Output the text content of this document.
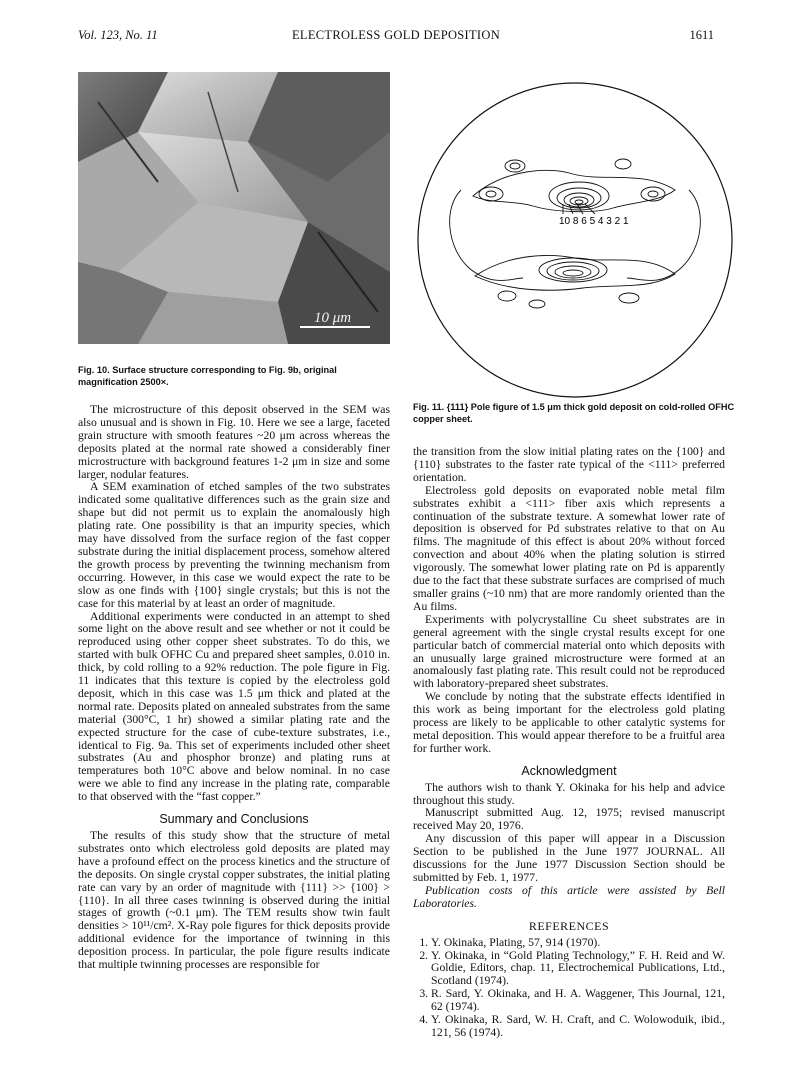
Vol. 123, No. 11	ELECTROLESS GOLD DEPOSITION	1611
10 μm
Fig. 10. Surface structure corresponding to Fig. 9b, original magnification 2500×.
10 8 6 5 4 3 2 1
Fig. 11. {111} Pole figure of 1.5 μm thick gold deposit on cold-rolled OFHC copper sheet.

The microstructure of this deposit observed in the SEM was also unusual and is shown in Fig. 10. Here we see a large, faceted grain structure with smooth features ~20 μm across whereas the deposits plated at the normal rate showed a considerably finer microstructure with background features 1-2 μm in size and some larger, nodular features.

A SEM examination of etched samples of the two substrates indicated some qualitative differences such as the grain size and shape but did not permit us to explain the anomalously high plating rate. One possibility is that an impurity species, which may have dissolved from the surface region of the fast copper substrate during the initial displacement process, somehow altered the growth process by preventing the twinning mechanism from occurring. However, in this case we would expect the rate to be slow as one finds with {100} single crystals; but this is not the case for this material by at least an order of magnitude.

Additional experiments were conducted in an attempt to shed some light on the above result and see whether or not it could be reproduced using other copper sheet substrates. To do this, we started with bulk OFHC Cu and prepared sheet samples, 0.010 in. thick, by cold rolling to a 92% reduction. The pole figure in Fig. 11 indicates that this texture is copied by the electroless gold deposit, which in this case was 1.5 μm thick and plated at the normal rate. Deposits plated on annealed substrates from the same material (300°C, 1 hr) showed a similar plating rate and the expected structure for the case of cube-texture substrates, i.e., identical to Fig. 9a. This set of experiments included other sheet substrates (Au and phosphor bronze) and plating runs at temperatures both 10°C above and below nominal. In no case were we able to find any increase in the plating rate, comparable to that observed with the “fast copper.”

Summary and Conclusions

The results of this study show that the structure of metal substrates onto which electroless gold deposits are plated may have a profound effect on the process kinetics and the structure of the deposits. On single crystal copper substrates, the initial plating rate can vary by an order of magnitude with {111} >> {100} > {110}. In all three cases twinning is observed during the initial stages of growth (~0.1 μm). The TEM results show twin fault densities > 10¹¹/cm². X-Ray pole figures for thick deposits provide additional evidence for the importance of twinning in this deposition process. In particular, the pole figure results indicate that multiple twinning processes are responsible for

the transition from the slow initial plating rates on the {100} and {110} substrates to the faster rate typical of the <111> preferred orientation.

Electroless gold deposits on evaporated noble metal film substrates exhibit a <111> fiber axis which represents a continuation of the substrate texture. A somewhat lower rate of deposition is observed for Pd substrates relative to that on Au films. The magnitude of this effect is about 20% without forced convection and about 40% when the plating solution is stirred vigorously. The somewhat lower plating rate on Pd is apparently due to the fact that these substrate surfaces are comprised of much smaller grains (~10 nm) that are more randomly oriented than the Au films.

Experiments with polycrystalline Cu sheet substrates are in general agreement with the single crystal results except for one particular batch of commercial material onto which deposits with an unusually large grained microstructure were formed at an anomalously fast plating rate. This result could not be reproduced with laboratory-prepared sheet substrates.

We conclude by noting that the substrate effects identified in this work as being important for the electroless gold plating process are likely to be applicable to other catalytic systems for metal deposition. This would appear therefore to be a fruitful area for further work.

Acknowledgment

The authors wish to thank Y. Okinaka for his help and advice throughout this study.

Manuscript submitted Aug. 12, 1975; revised manuscript received May 20, 1976.

Any discussion of this paper will appear in a Discussion Section to be published in the June 1977 JOURNAL. All discussions for the June 1977 Discussion Section should be submitted by Feb. 1, 1977.

Publication costs of this article were assisted by Bell Laboratories.

REFERENCES
1. Y. Okinaka, Plating, 57, 914 (1970).
2. Y. Okinaka, in “Gold Plating Technology,” F. H. Reid and W. Goldie, Editors, chap. 11, Electrochemical Publications, Ltd., Scotland (1974).
3. R. Sard, Y. Okinaka, and H. A. Waggener, This Journal, 121, 62 (1974).
4. Y. Okinaka, R. Sard, W. H. Craft, and C. Wolowoduik, ibid., 121, 56 (1974).
